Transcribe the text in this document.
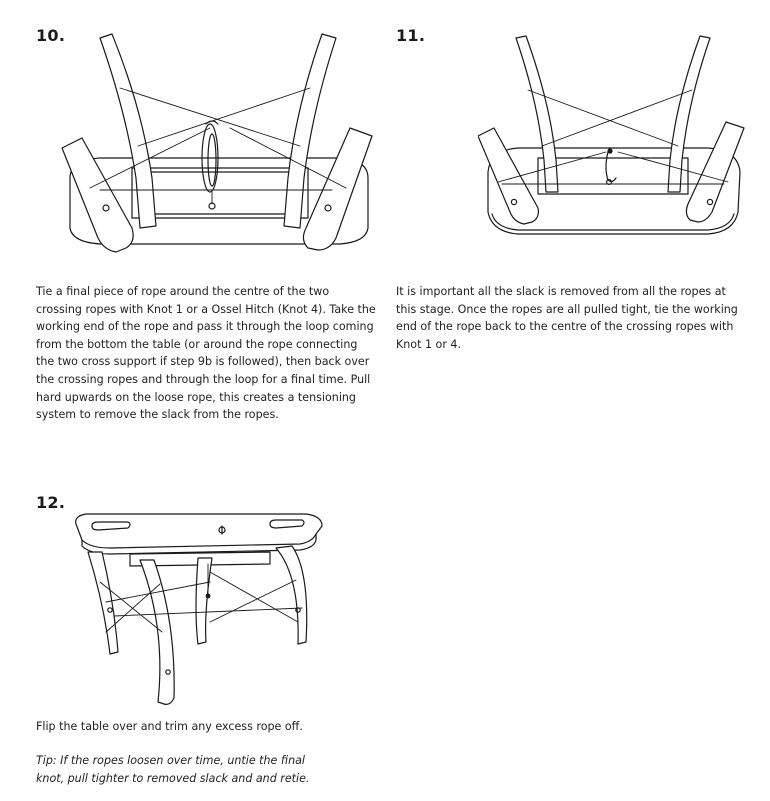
10.
Tie a final piece of rope around the centre of the two crossing ropes with Knot 1 or a Ossel Hitch (Knot 4). Take the working end of the rope and pass it through the loop coming from the bottom the table (or around the rope connecting the two cross support if step 9b is followed), then back over the crossing ropes and through the loop for a final time. Pull hard upwards on the loose rope, this creates a tensioning system to remove the slack from the ropes.
11.
It is important all the slack is removed from all the ropes at this stage. Once the ropes are all pulled tight, tie the working end of the rope back to the centre of the crossing ropes with Knot 1 or 4.
12.
Flip the table over and trim any excess rope off.
Tip: If the ropes loosen over time, untie the final knot, pull tighter to removed slack and and retie.
